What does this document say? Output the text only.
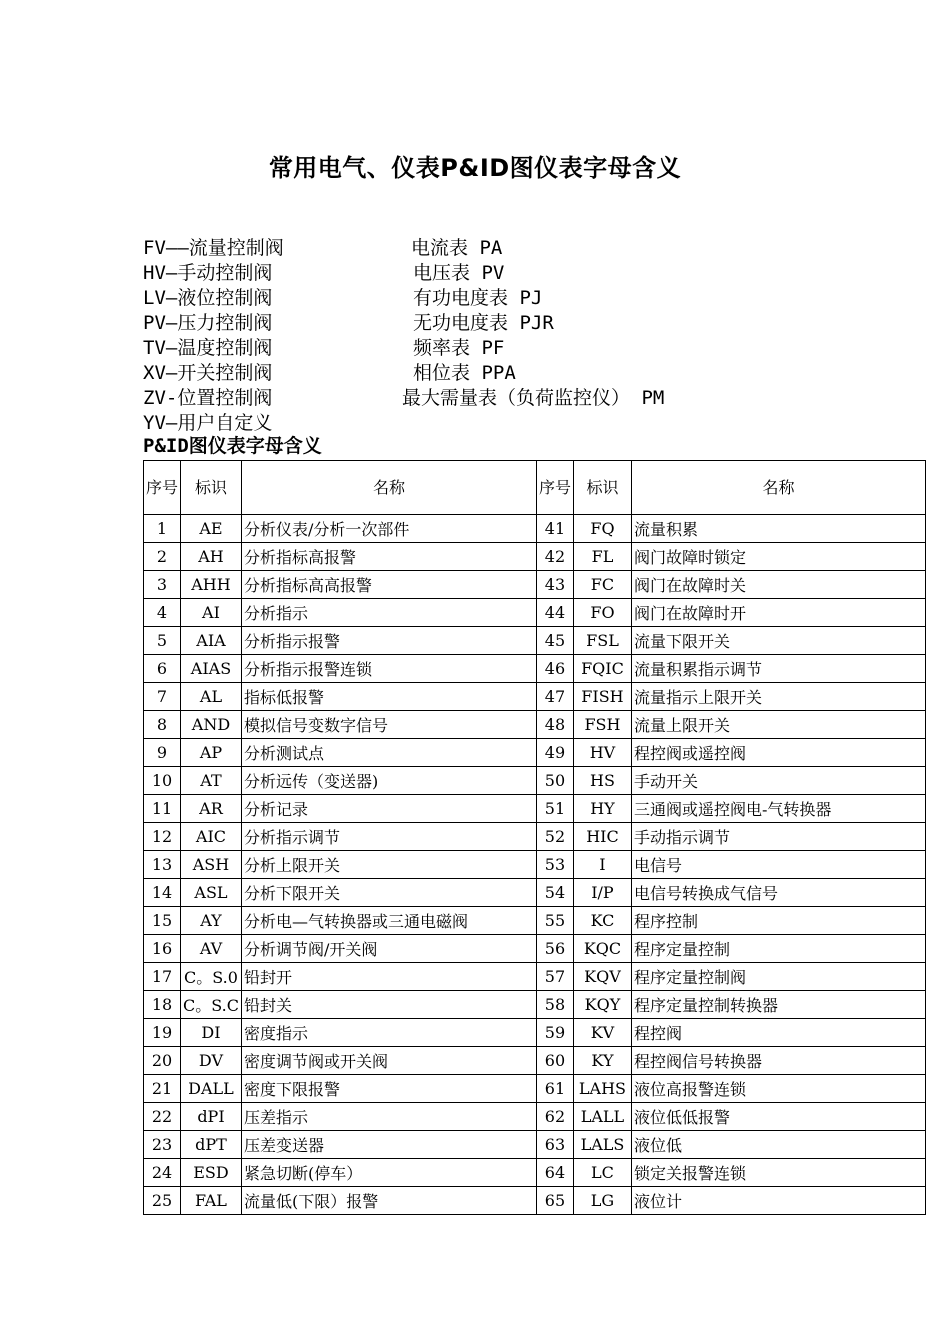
常用电气、仪表P&ID图仪表字母含义
FV——流量控制阀	电流表 PA
HV—手动控制阀	电压表 PV
LV—液位控制阀	有功电度表 PJ
PV—压力控制阀	无功电度表 PJR
TV—温度控制阀	频率表 PF
XV—开关控制阀	相位表 PPA
ZV-位置控制阀	最大需量表（负荷监控仪） PM
YV—用户自定义
P&ID图仪表字母含义
序号	标识	名称	序号	标识	名称
1	AE	分析仪表/分析一次部件	41	FQ	流量积累
2	AH	分析指标高报警	42	FL	阀门故障时锁定
3	AHH	分析指标高高报警	43	FC	阀门在故障时关
4	AI	分析指示	44	FO	阀门在故障时开
5	AIA	分析指示报警	45	FSL	流量下限开关
6	AIAS	分析指示报警连锁	46	FQIC	流量积累指示调节
7	AL	指标低报警	47	FISH	流量指示上限开关
8	AND	模拟信号变数字信号	48	FSH	流量上限开关
9	AP	分析测试点	49	HV	程控阀或遥控阀
10	AT	分析远传（变送器)	50	HS	手动开关
11	AR	分析记录	51	HY	三通阀或遥控阀电-气转换器
12	AIC	分析指示调节	52	HIC	手动指示调节
13	ASH	分析上限开关	53	I	电信号
14	ASL	分析下限开关	54	I/P	电信号转换成气信号
15	AY	分析电—气转换器或三通电磁阀	55	KC	程序控制
16	AV	分析调节阀/开关阀	56	KQC	程序定量控制
17	C。S.0	铅封开	57	KQV	程序定量控制阀
18	C。S.C	铅封关	58	KQY	程序定量控制转换器
19	DI	密度指示	59	KV	程控阀
20	DV	密度调节阀或开关阀	60	KY	程控阀信号转换器
21	DALL	密度下限报警	61	LAHS	液位高报警连锁
22	dPI	压差指示	62	LALL	液位低低报警
23	dPT	压差变送器	63	LALS	液位低
24	ESD	紧急切断(停车）	64	LC	锁定关报警连锁
25	FAL	流量低(下限）报警	65	LG	液位计
